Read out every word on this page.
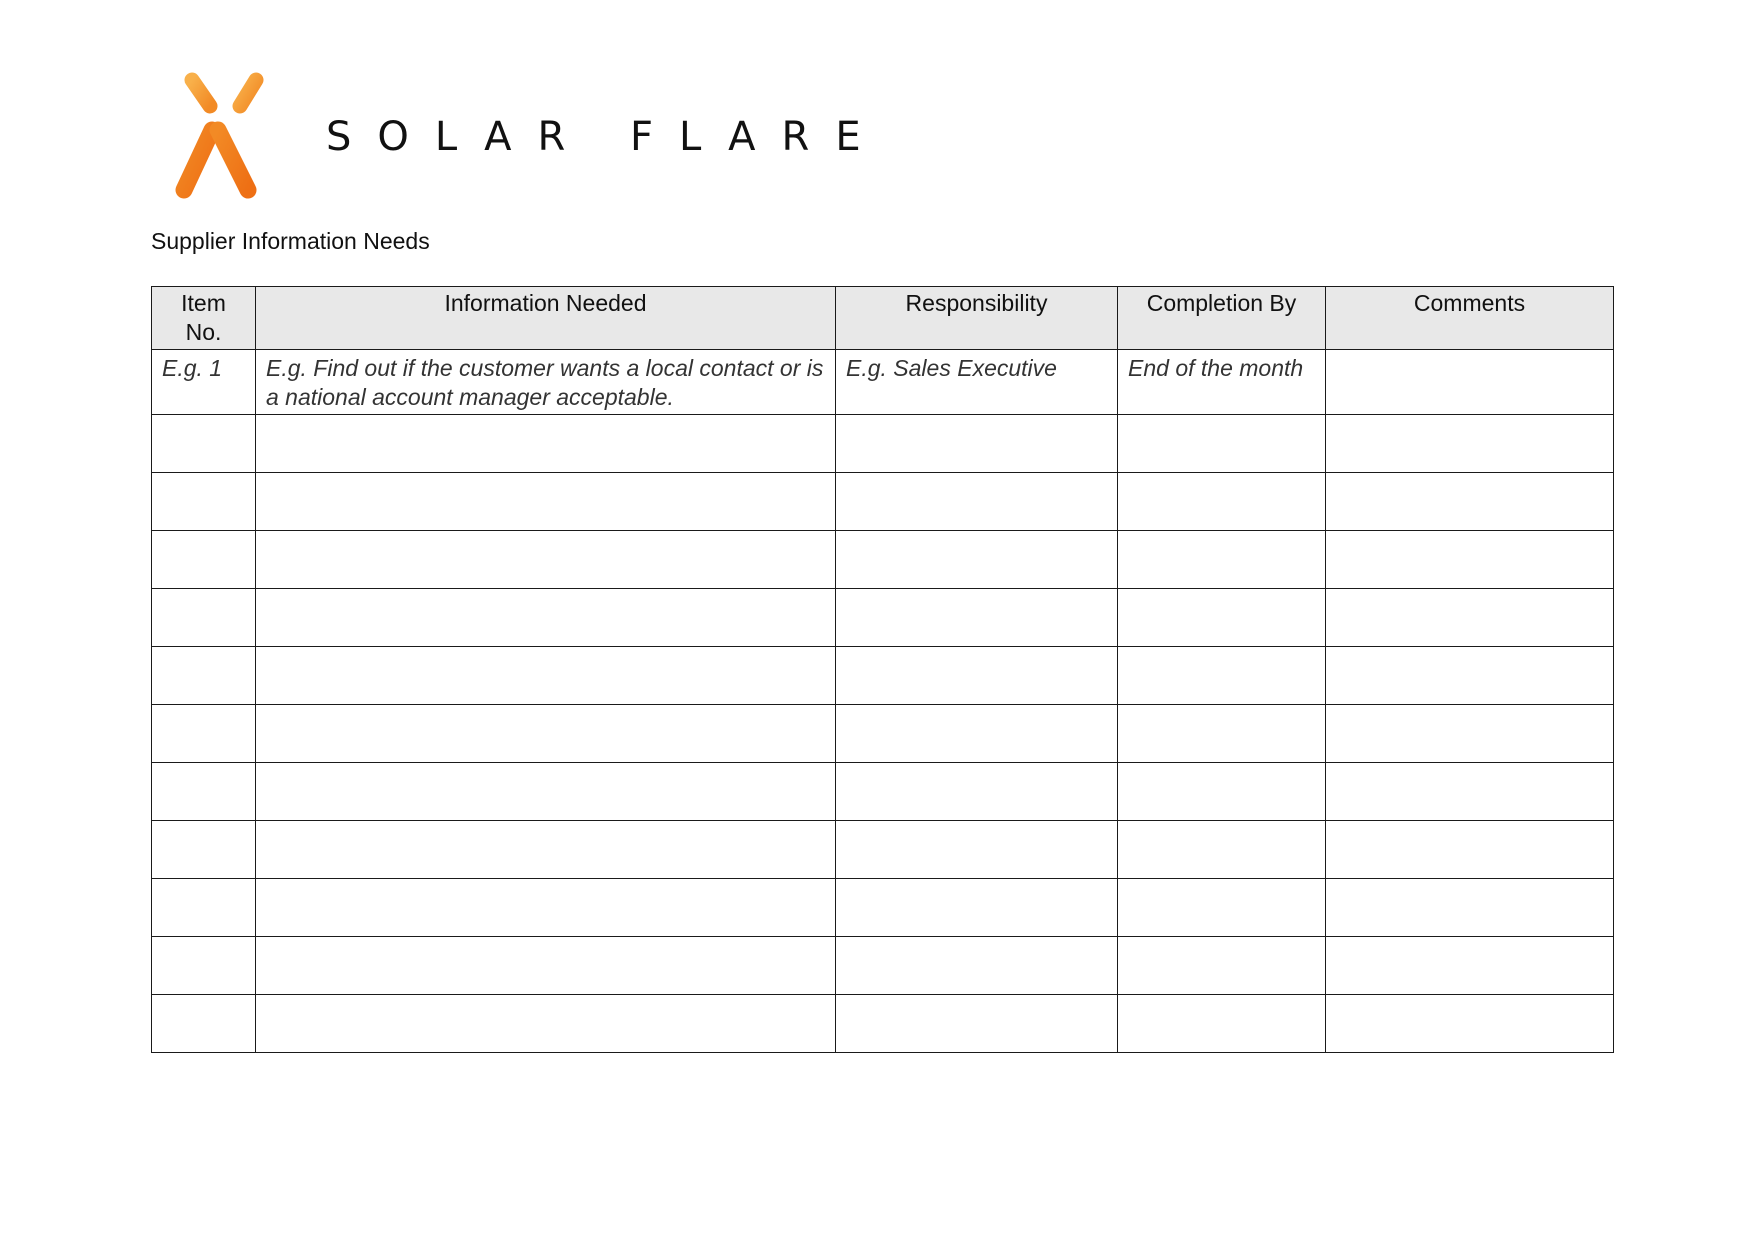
SOLAR FLARE
Supplier Information Needs
Item No.	Information Needed	Responsibility	Completion By	Comments
E.g. 1	E.g. Find out if the customer wants a local contact or is a national account manager acceptable.	E.g. Sales Executive	End of the month	
